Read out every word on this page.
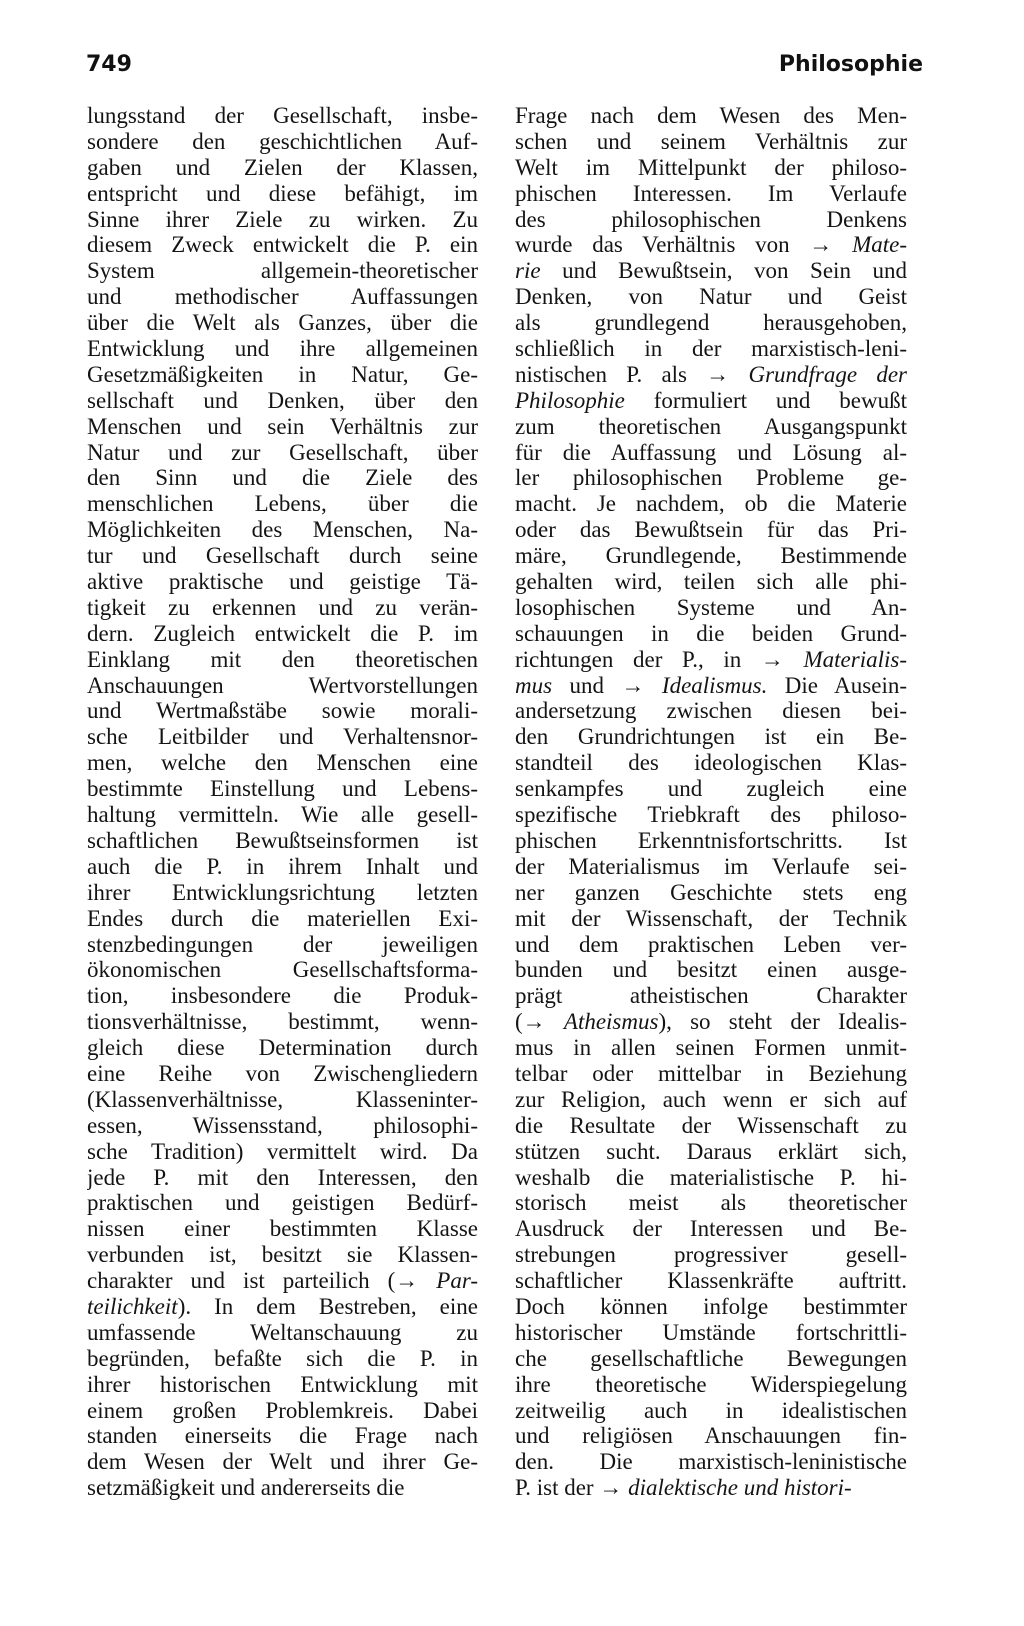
749	Philosophie
lungsstand der Gesellschaft, insbe-
sondere den geschichtlichen Auf-
gaben und Zielen der Klassen,
entspricht und diese befähigt, im
Sinne ihrer Ziele zu wirken. Zu
diesem Zweck entwickelt die P. ein
System allgemein-theoretischer
und methodischer Auffassungen
über die Welt als Ganzes, über die
Entwicklung und ihre allgemeinen
Gesetzmäßigkeiten in Natur, Ge-
sellschaft und Denken, über den
Menschen und sein Verhältnis zur
Natur und zur Gesellschaft, über
den Sinn und die Ziele des
menschlichen Lebens, über die
Möglichkeiten des Menschen, Na-
tur und Gesellschaft durch seine
aktive praktische und geistige Tä-
tigkeit zu erkennen und zu verän-
dern. Zugleich entwickelt die P. im
Einklang mit den theoretischen
Anschauungen Wertvorstellungen
und Wertmaßstäbe sowie morali-
sche Leitbilder und Verhaltensnor-
men, welche den Menschen eine
bestimmte Einstellung und Lebens-
haltung vermitteln. Wie alle gesell-
schaftlichen Bewußtseinsformen ist
auch die P. in ihrem Inhalt und
ihrer Entwicklungsrichtung letzten
Endes durch die materiellen Exi-
stenzbedingungen der jeweiligen
ökonomischen Gesellschaftsforma-
tion, insbesondere die Produk-
tionsverhältnisse, bestimmt, wenn-
gleich diese Determination durch
eine Reihe von Zwischengliedern
(Klassenverhältnisse, Klasseninter-
essen, Wissensstand, philosophi-
sche Tradition) vermittelt wird. Da
jede P. mit den Interessen, den
praktischen und geistigen Bedürf-
nissen einer bestimmten Klasse
verbunden ist, besitzt sie Klassen-
charakter und ist parteilich (→ Par-
teilichkeit). In dem Bestreben, eine
umfassende Weltanschauung zu
begründen, befaßte sich die P. in
ihrer historischen Entwicklung mit
einem großen Problemkreis. Dabei
standen einerseits die Frage nach
dem Wesen der Welt und ihrer Ge-
setzmäßigkeit und andererseits die
Frage nach dem Wesen des Men-
schen und seinem Verhältnis zur
Welt im Mittelpunkt der philoso-
phischen Interessen. Im Verlaufe
des philosophischen Denkens
wurde das Verhältnis von → Mate-
rie und Bewußtsein, von Sein und
Denken, von Natur und Geist
als grundlegend herausgehoben,
schließlich in der marxistisch-leni-
nistischen P. als → Grundfrage der
Philosophie formuliert und bewußt
zum theoretischen Ausgangspunkt
für die Auffassung und Lösung al-
ler philosophischen Probleme ge-
macht. Je nachdem, ob die Materie
oder das Bewußtsein für das Pri-
märe, Grundlegende, Bestimmende
gehalten wird, teilen sich alle phi-
losophischen Systeme und An-
schauungen in die beiden Grund-
richtungen der P., in → Materialis-
mus und → Idealismus. Die Ausein-
andersetzung zwischen diesen bei-
den Grundrichtungen ist ein Be-
standteil des ideologischen Klas-
senkampfes und zugleich eine
spezifische Triebkraft des philoso-
phischen Erkenntnisfortschritts. Ist
der Materialismus im Verlaufe sei-
ner ganzen Geschichte stets eng
mit der Wissenschaft, der Technik
und dem praktischen Leben ver-
bunden und besitzt einen ausge-
prägt atheistischen Charakter
(→ Atheismus), so steht der Idealis-
mus in allen seinen Formen unmit-
telbar oder mittelbar in Beziehung
zur Religion, auch wenn er sich auf
die Resultate der Wissenschaft zu
stützen sucht. Daraus erklärt sich,
weshalb die materialistische P. hi-
storisch meist als theoretischer
Ausdruck der Interessen und Be-
strebungen progressiver gesell-
schaftlicher Klassenkräfte auftritt.
Doch können infolge bestimmter
historischer Umstände fortschrittli-
che gesellschaftliche Bewegungen
ihre theoretische Widerspiegelung
zeitweilig auch in idealistischen
und religiösen Anschauungen fin-
den. Die marxistisch-leninistische
P. ist der → dialektische und histori-
